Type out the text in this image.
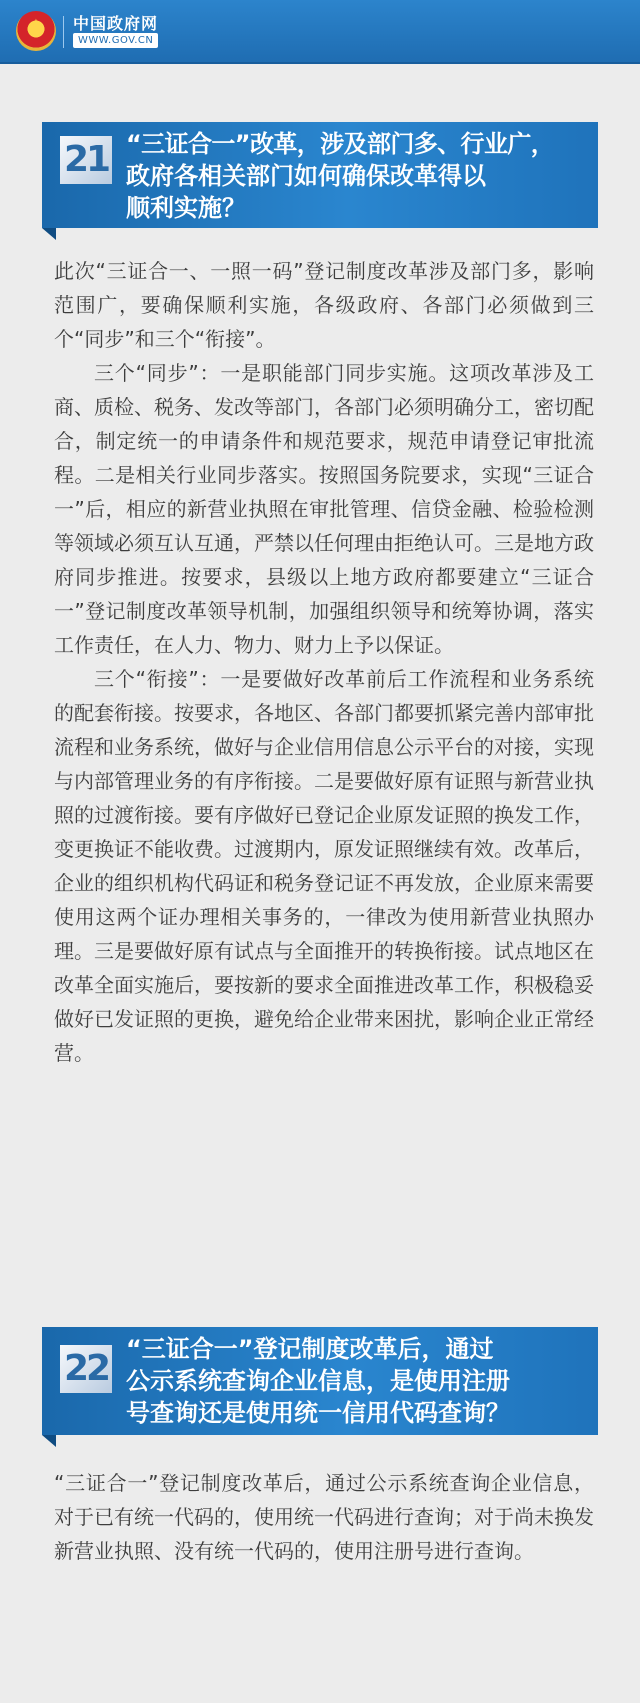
★
中国政府网
WWW.GOV.CN
21 “三证合一”改革，涉及部门多、行业广，
政府各相关部门如何确保改革得以
顺利实施？

此次“三证合一、一照一码”登记制度改革涉及部门多，影响范围广，要确保顺利实施，各级政府、各部门必须做到三个“同步”和三个“衔接”。

三个“同步”：一是职能部门同步实施。这项改革涉及工商、质检、税务、发改等部门，各部门必须明确分工，密切配合，制定统一的申请条件和规范要求，规范申请登记审批流程。二是相关行业同步落实。按照国务院要求，实现“三证合一”后，相应的新营业执照在审批管理、信贷金融、检验检测等领域必须互认互通，严禁以任何理由拒绝认可。三是地方政府同步推进。按要求，县级以上地方政府都要建立“三证合一”登记制度改革领导机制，加强组织领导和统筹协调，落实工作责任，在人力、物力、财力上予以保证。

三个“衔接”：一是要做好改革前后工作流程和业务系统的配套衔接。按要求，各地区、各部门都要抓紧完善内部审批流程和业务系统，做好与企业信用信息公示平台的对接，实现与内部管理业务的有序衔接。二是要做好原有证照与新营业执照的过渡衔接。要有序做好已登记企业原发证照的换发工作，变更换证不能收费。过渡期内，原发证照继续有效。改革后，企业的组织机构代码证和税务登记证不再发放，企业原来需要使用这两个证办理相关事务的，一律改为使用新营业执照办理。三是要做好原有试点与全面推开的转换衔接。试点地区在改革全面实施后，要按新的要求全面推进改革工作，积极稳妥做好已发证照的更换，避免给企业带来困扰，影响企业正常经营。

22 “三证合一”登记制度改革后，通过
公示系统查询企业信息，是使用注册
号查询还是使用统一信用代码查询？

“三证合一”登记制度改革后，通过公示系统查询企业信息，对于已有统一代码的，使用统一代码进行查询；对于尚未换发新营业执照、没有统一代码的，使用注册号进行查询。
